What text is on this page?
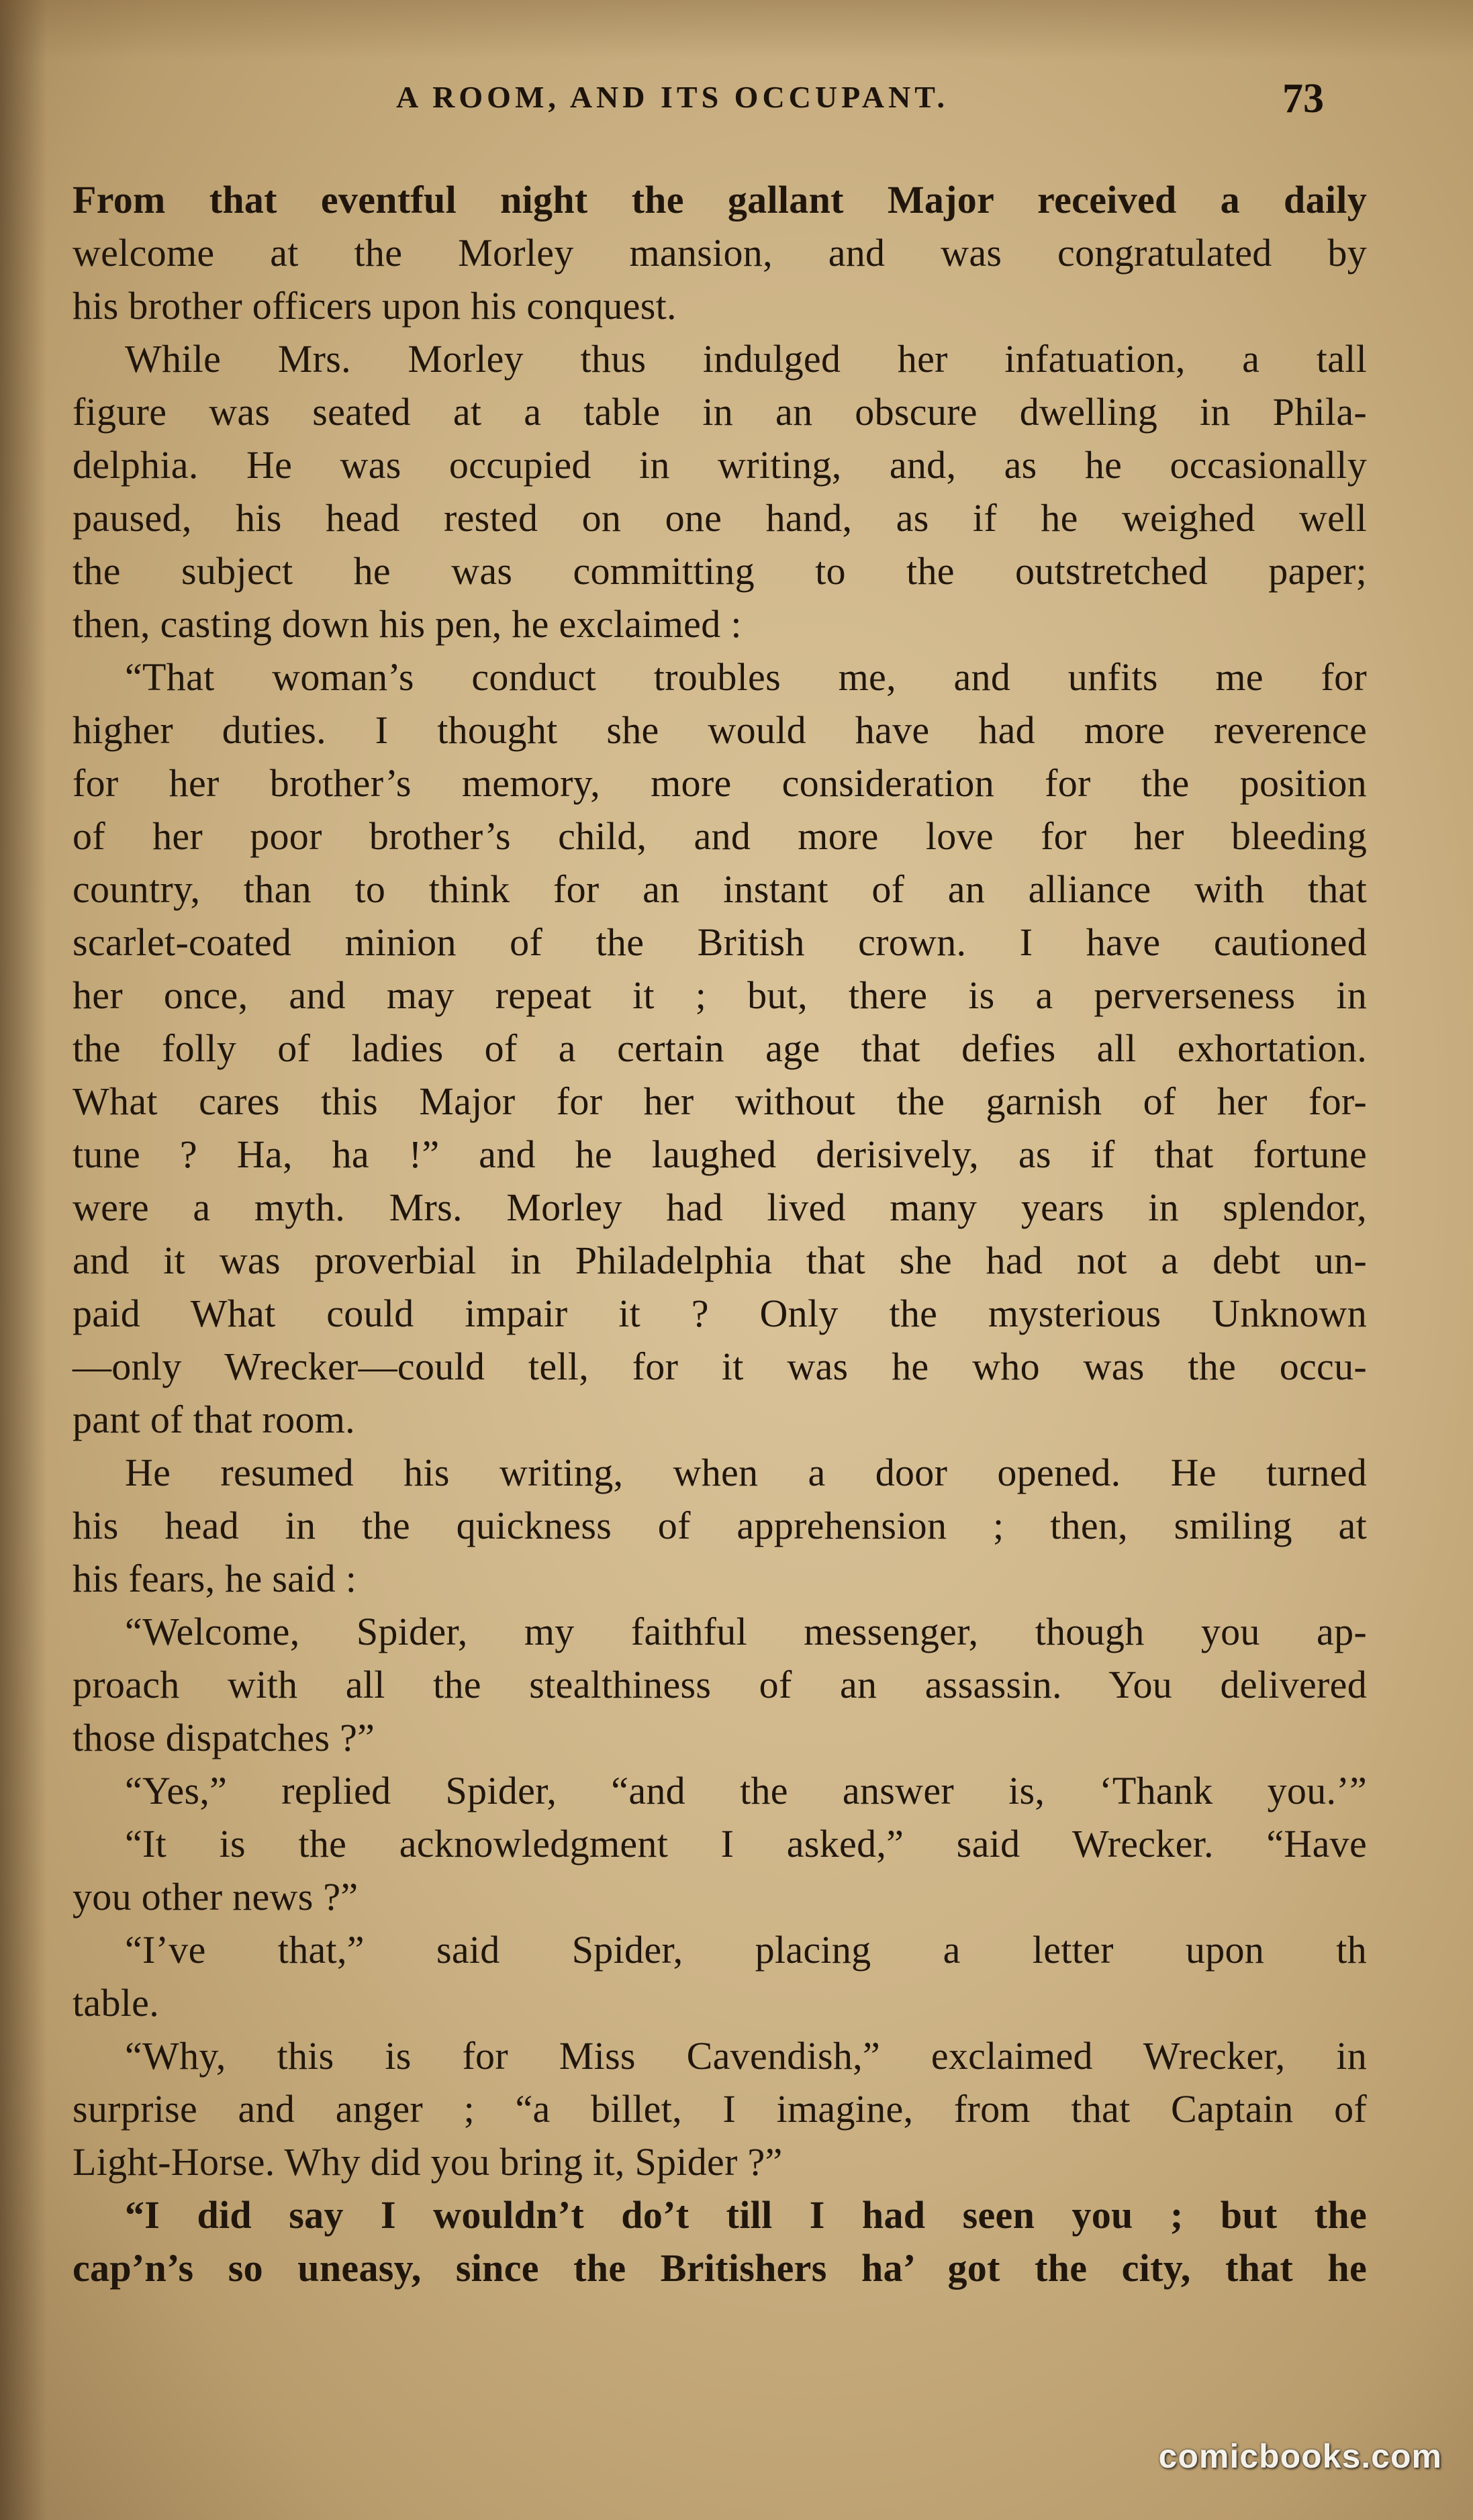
A ROOM, AND ITS OCCUPANT.	73
From that eventful night the gallant Major received a daily
welcome at the Morley mansion, and was congratulated by
his brother officers upon his conquest.
While Mrs. Morley thus indulged her infatuation, a tall
figure was seated at a table in an obscure dwelling in Phila-
delphia. He was occupied in writing, and, as he occasionally
paused, his head rested on one hand, as if he weighed well
the subject he was committing to the outstretched paper;
then, casting down his pen, he exclaimed :
“That woman’s conduct troubles me, and unfits me for
higher duties. I thought she would have had more reverence
for her brother’s memory, more consideration for the position
of her poor brother’s child, and more love for her bleeding
country, than to think for an instant of an alliance with that
scarlet-coated minion of the British crown. I have cautioned
her once, and may repeat it ; but, there is a perverseness in
the folly of ladies of a certain age that defies all exhortation.
What cares this Major for her without the garnish of her for-
tune ? Ha, ha !” and he laughed derisively, as if that fortune
were a myth. Mrs. Morley had lived many years in splendor,
and it was proverbial in Philadelphia that she had not a debt un-
paid What could impair it ? Only the mysterious Unknown
—only Wrecker—could tell, for it was he who was the occu-
pant of that room.
He resumed his writing, when a door opened. He turned
his head in the quickness of apprehension ; then, smiling at
his fears, he said :
“Welcome, Spider, my faithful messenger, though you ap-
proach with all the stealthiness of an assassin. You delivered
those dispatches ?”
“Yes,” replied Spider, “and the answer is, ‘Thank you.’”
“It is the acknowledgment I asked,” said Wrecker. “Have
you other news ?”
“I’ve that,” said Spider, placing a letter upon th
table.
“Why, this is for Miss Cavendish,” exclaimed Wrecker, in
surprise and anger ; “a billet, I imagine, from that Captain of
Light-Horse. Why did you bring it, Spider ?”
“I did say I wouldn’t do’t till I had seen you ; but the
cap’n’s so uneasy, since the Britishers ha’ got the city, that he
comicbooks.com
